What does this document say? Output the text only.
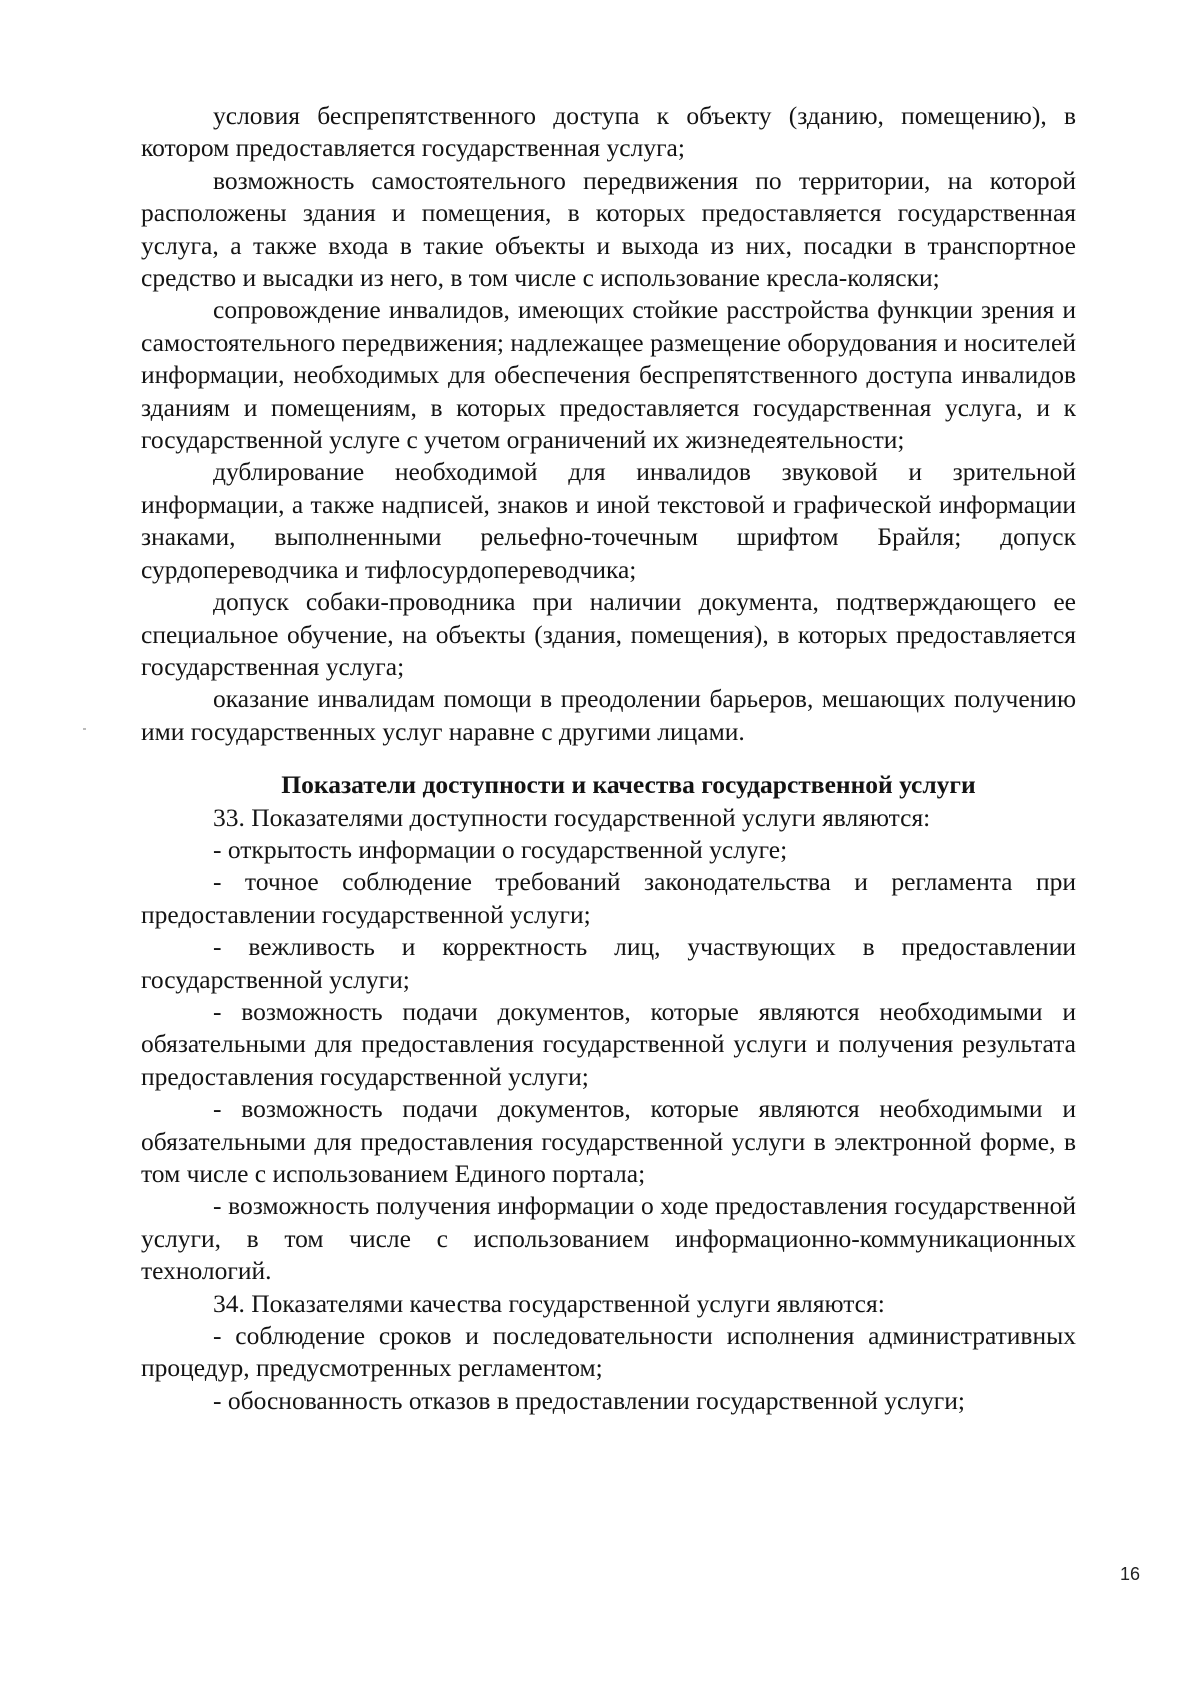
условия беспрепятственного доступа к объекту (зданию, помещению), в котором предоставляется государственная услуга;

возможность самостоятельного передвижения по территории, на которой расположены здания и помещения, в которых предоставляется государственная услуга, а также входа в такие объекты и выхода из них, посадки в транспортное средство и высадки из него, в том числе с использование кресла-коляски;

сопровождение инвалидов, имеющих стойкие расстройства функции зрения и самостоятельного передвижения; надлежащее размещение оборудования и носителей информации, необходимых для обеспечения беспрепятственного доступа инвалидов зданиям и помещениям, в которых предоставляется государственная услуга, и к государственной услуге с учетом ограничений их жизнедеятельности;

дублирование необходимой для инвалидов звуковой и зрительной информации, а также надписей, знаков и иной текстовой и графической информации знаками, выполненными рельефно-точечным шрифтом Брайля; допуск сурдопереводчика и тифлосурдопереводчика;

допуск собаки-проводника при наличии документа, подтверждающего ее специальное обучение, на объекты (здания, помещения), в которых предоставляется государственная услуга;

оказание инвалидам помощи в преодолении барьеров, мешающих получению ими государственных услуг наравне с другими лицами.

Показатели доступности и качества государственной услуги

33. Показателями доступности государственной услуги являются:

- открытость информации о государственной услуге;

- точное соблюдение требований законодательства и регламента при предоставлении государственной услуги;

- вежливость и корректность лиц, участвующих в предоставлении государственной услуги;

- возможность подачи документов, которые являются необходимыми и обязательными для предоставления государственной услуги и получения результата предоставления государственной услуги;

- возможность подачи документов, которые являются необходимыми и обязательными для предоставления государственной услуги в электронной форме, в том числе с использованием Единого портала;

- возможность получения информации о ходе предоставления государственной услуги, в том числе с использованием информационно-коммуникационных технологий.

34. Показателями качества государственной услуги являются:

- соблюдение сроков и последовательности исполнения административных процедур, предусмотренных регламентом;

- обоснованность отказов в предоставлении государственной услуги;

16
